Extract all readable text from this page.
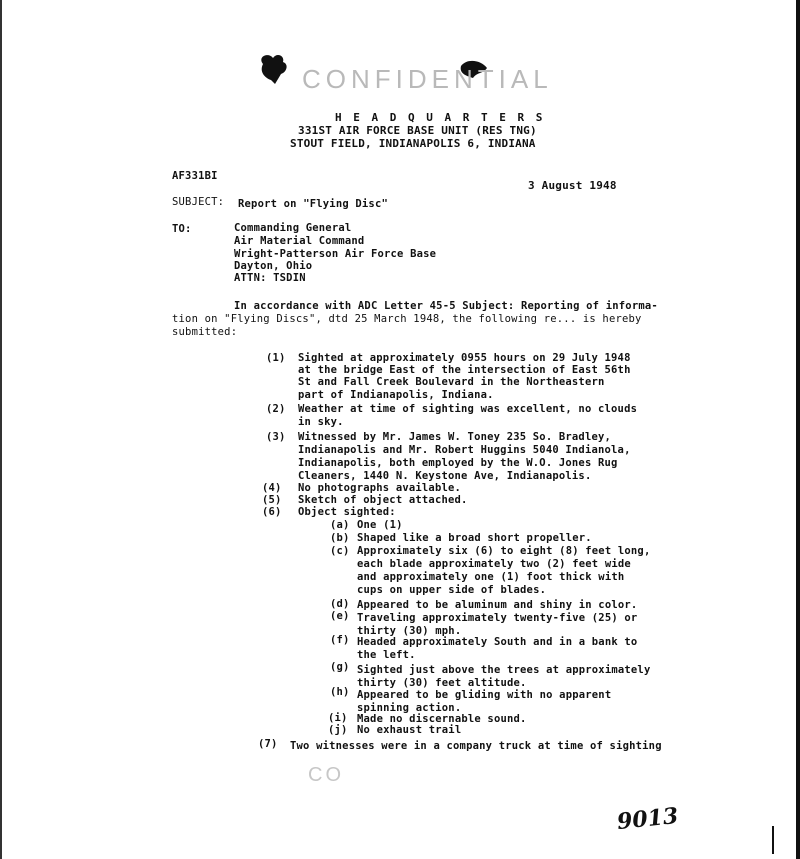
CONFIDENTIAL
H E A D Q U A R T E R S
331ST AIR FORCE BASE UNIT (RES TNG)
STOUT FIELD, INDIANAPOLIS 6, INDIANA
AF331BI
3 August 1948
SUBJECT: Report on "Flying Disc"
TO:	Commanding General
Air Material Command
Wright-Patterson Air Force Base
Dayton, Ohio
ATTN: TSDIN
In accordance with ADC Letter 45-5 Subject: Reporting of informa-
tion on "Flying Discs", dtd 25 March 1948, the following re... is hereby
submitted:
(1) Sighted at approximately 0955 hours on 29 July 1948
at the bridge East of the intersection of East 56th
St and Fall Creek Boulevard in the Northeastern
part of Indianapolis, Indiana.
(2) Weather at time of sighting was excellent, no clouds
in sky.
(3) Witnessed by Mr. James W. Toney 235 So. Bradley,
Indianapolis and Mr. Robert Huggins 5040 Indianola,
Indianapolis, both employed by the W.O. Jones Rug
Cleaners, 1440 N. Keystone Ave, Indianapolis.
(4) No photographs available.
(5) Sketch of object attached.
(6) Object sighted:
(a) One (1)
(b) Shaped like a broad short propeller.
(c) Approximately six (6) to eight (8) feet long,
each blade approximately two (2) feet wide
and approximately one (1) foot thick with
cups on upper side of blades.
(d) Appeared to be aluminum and shiny in color.
(e) Traveling approximately twenty-five (25) or
thirty (30) mph.
(f) Headed approximately South and in a bank to
the left.
(g) Sighted just above the trees at approximately
thirty (30) feet altitude.
(h) Appeared to be gliding with no apparent
spinning action.
(i) Made no discernable sound.
(j) No exhaust trail
(7) Two witnesses were in a company truck at time of sighting
CO
9013
